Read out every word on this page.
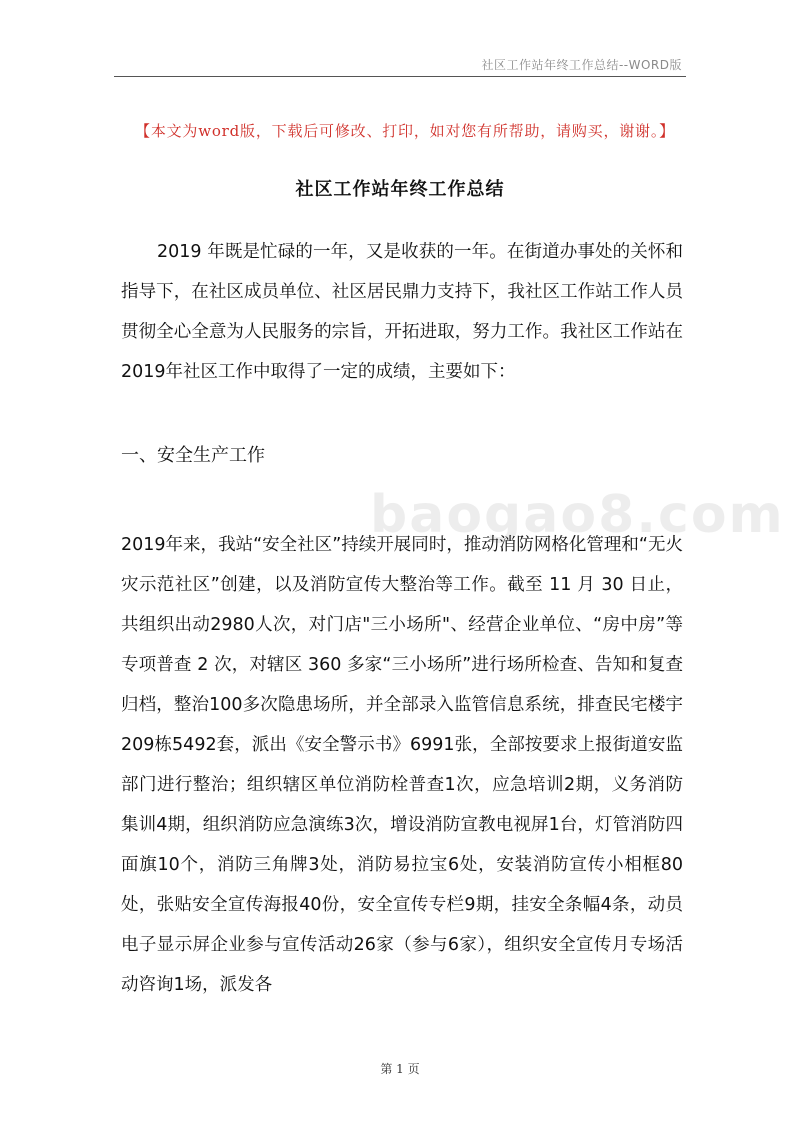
社区工作站年终工作总结--WORD版
【本文为word版，下载后可修改、打印，如对您有所帮助，请购买，谢谢。】
社区工作站年终工作总结
baogao8.com
2019 年既是忙碌的一年，又是收获的一年。在街道办事处的关怀和指导下，在社区成员单位、社区居民鼎力支持下，我社区工作站工作人员贯彻全心全意为人民服务的宗旨，开拓进取，努力工作。我社区工作站在2019年社区工作中取得了一定的成绩，主要如下：
一、安全生产工作
2019年来，我站“安全社区”持续开展同时，推动消防网格化管理和“无火灾示范社区”创建，以及消防宣传大整治等工作。截至 11 月 30 日止，共组织出动2980人次，对门店"三小场所"、经营企业单位、“房中房”等专项普查 2 次，对辖区 360 多家“三小场所”进行场所检查、告知和复查归档，整治100多次隐患场所，并全部录入监管信息系统，排查民宅楼宇209栋5492套，派出《安全警示书》6991张，全部按要求上报街道安监部门进行整治；组织辖区单位消防栓普查1次，应急培训2期，义务消防集训4期，组织消防应急演练3次，增设消防宣教电视屏1台，灯管消防四面旗10个，消防三角牌3处，消防易拉宝6处，安装消防宣传小相框80处，张贴安全宣传海报40份，安全宣传专栏9期，挂安全条幅4条，动员电子显示屏企业参与宣传活动26家（参与6家），组织安全宣传月专场活动咨询1场，派发各
第 1 页
